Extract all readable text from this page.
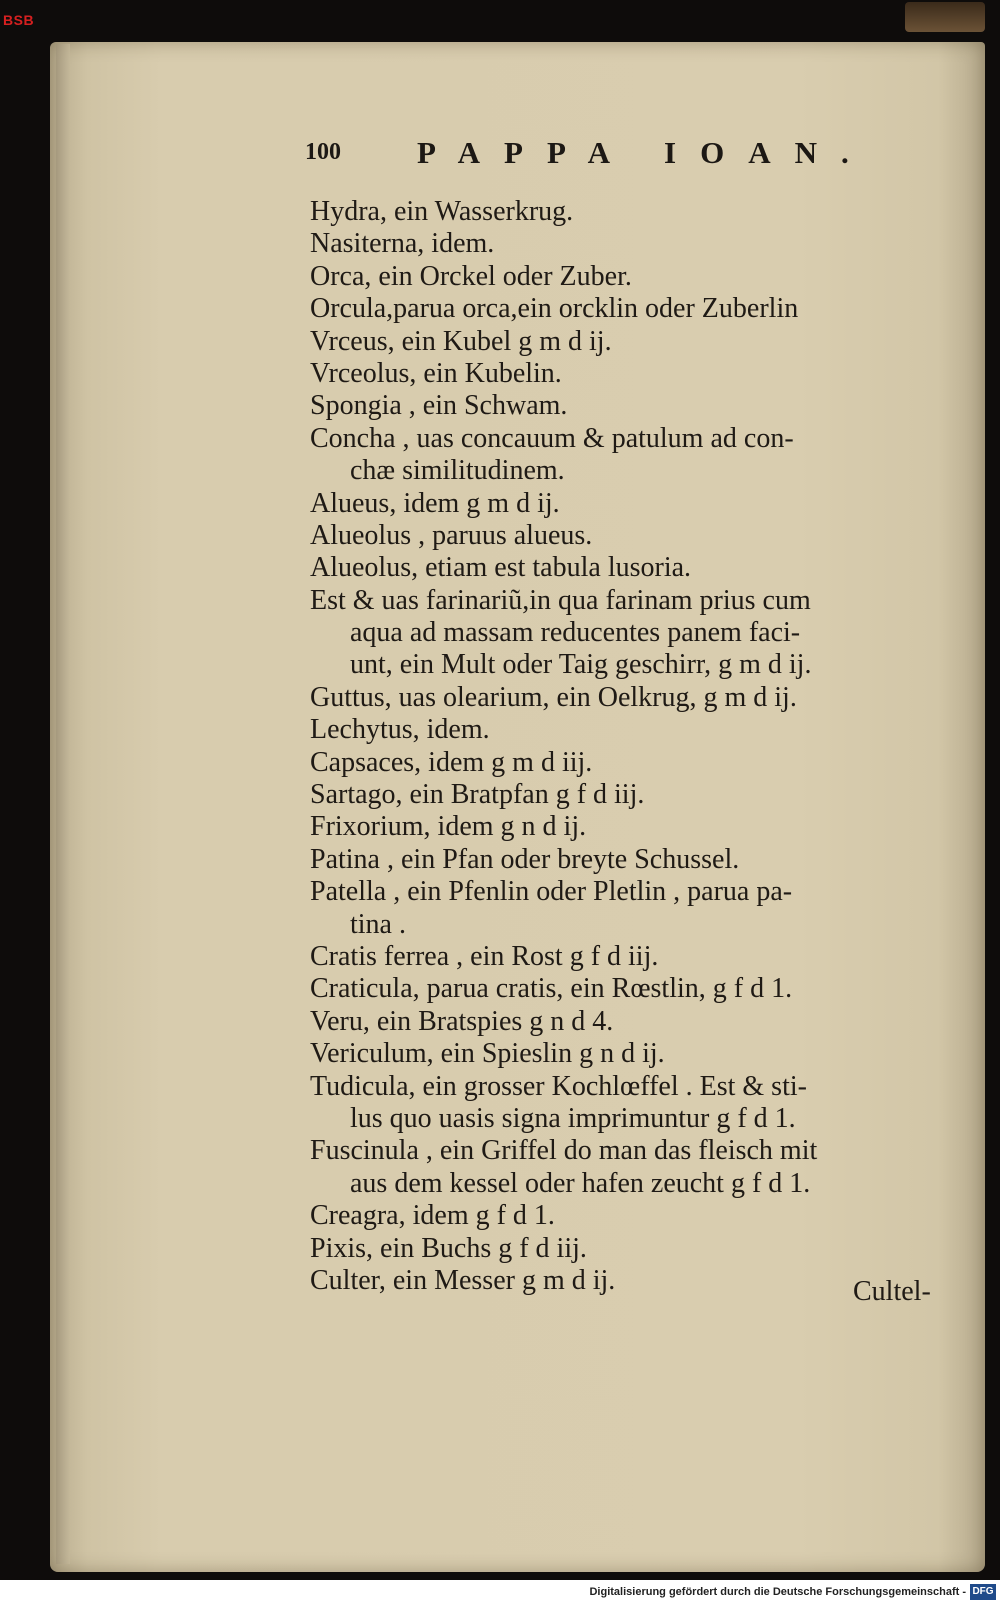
BSB
100 PAPPA IOAN.
Hydra, ein Wasserkrug.
Nasiterna, idem.
Orca, ein Orckel oder Zuber.
Orcula,parua orca,ein orcklin oder Zuberlin
Vrceus, ein Kubel g m d ij.
Vrceolus, ein Kubelin.
Spongia , ein Schwam.
Concha , uas concauum & patulum ad con-
chæ similitudinem.
Alueus, idem g m d ij.
Alueolus , paruus alueus.
Alueolus, etiam est tabula lusoria.
Est & uas farinariũ,in qua farinam prius cum
aqua ad massam reducentes panem faci-
unt, ein Mult oder Taig geschirr, g m d ij.
Guttus, uas olearium, ein Oelkrug, g m d ij.
Lechytus, idem.
Capsaces, idem g m d iij.
Sartago, ein Bratpfan g f d iij.
Frixorium, idem g n d ij.
Patina , ein Pfan oder breyte Schussel.
Patella , ein Pfenlin oder Pletlin , parua pa-
tina .
Cratis ferrea , ein Rost g f d iij.
Craticula, parua cratis, ein Rœstlin, g f d 1.
Veru, ein Bratspies g n d 4.
Vericulum, ein Spieslin g n d ij.
Tudicula, ein grosser Kochlœffel . Est & sti-
lus quo uasis signa imprimuntur g f d 1.
Fuscinula , ein Griffel do man das fleisch mit
aus dem kessel oder hafen zeucht g f d 1.
Creagra, idem g f d 1.
Pixis, ein Buchs g f d iij.
Culter, ein Messer g m d ij.	Cultel-
Digitalisierung gefördert durch die Deutsche Forschungsgemeinschaft - DFG
